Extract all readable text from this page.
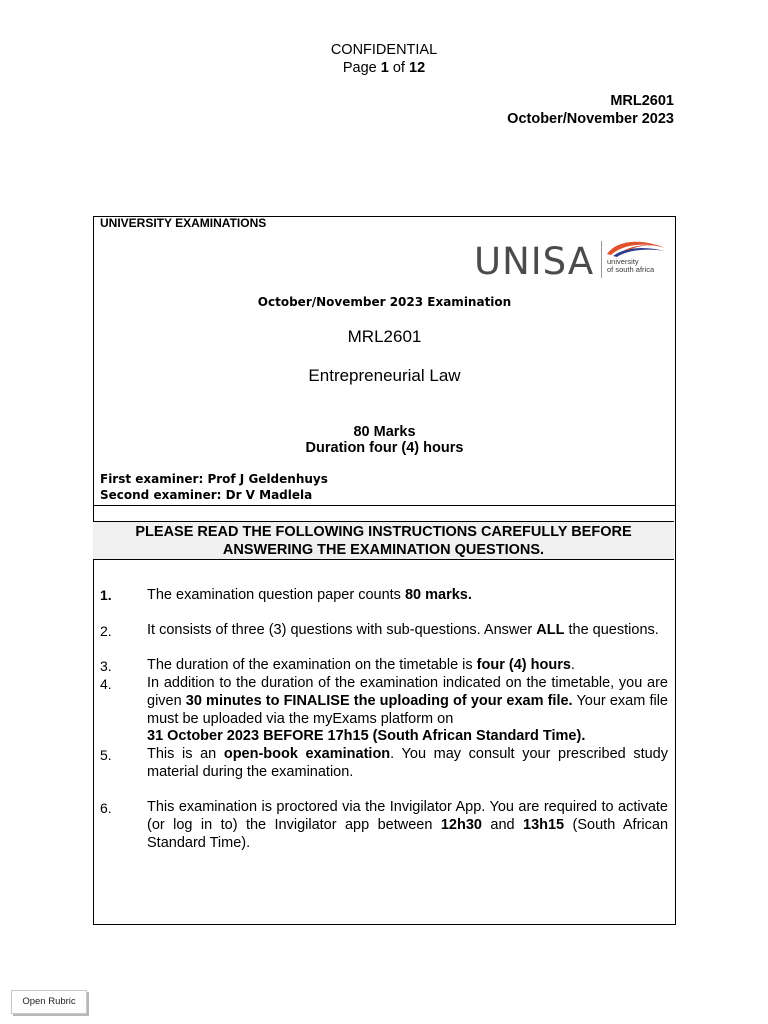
CONFIDENTIAL
Page 1 of 12
MRL2601
October/November 2023
UNIVERSITY EXAMINATIONS
UNISA university
of south africa
October/November 2023 Examination
MRL2601
Entrepreneurial Law
80 Marks
Duration four (4) hours
First examiner: Prof J Geldenhuys
Second examiner: Dr V Madlela
PLEASE READ THE FOLLOWING INSTRUCTIONS CAREFULLY BEFORE
ANSWERING THE EXAMINATION QUESTIONS.
1. The examination question paper counts 80 marks.
2. It consists of three (3) questions with sub-questions. Answer ALL the questions.
3. The duration of the examination on the timetable is four (4) hours.
4. In addition to the duration of the examination indicated on the timetable, you are given 30 minutes to FINALISE the uploading of your exam file. Your exam file must be uploaded via the myExams platform on
31 October 2023 BEFORE 17h15 (South African Standard Time).
5. This is an open-book examination. You may consult your prescribed study material during the examination.
6. This examination is proctored via the Invigilator App. You are required to activate (or log in to) the Invigilator app between 12h30 and 13h15 (South African Standard Time).
Open Rubric
